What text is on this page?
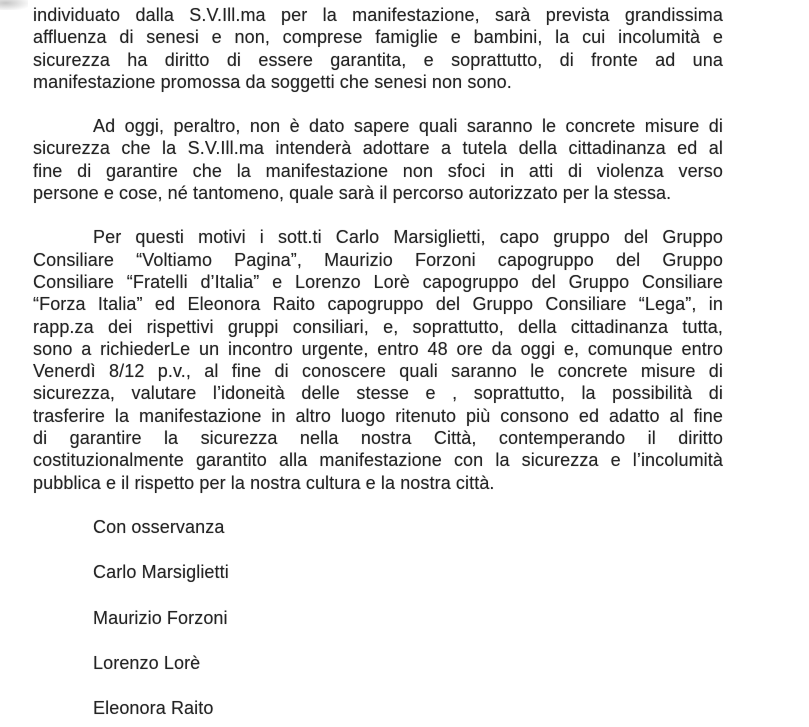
individuato dalla S.V.Ill.ma per la manifestazione, sarà prevista grandissima
affluenza di senesi e non, comprese famiglie e bambini, la cui incolumità e
sicurezza ha diritto di essere garantita, e soprattutto, di fronte ad una
manifestazione promossa da soggetti che senesi non sono.
Ad oggi, peraltro, non è dato sapere quali saranno le concrete misure di
sicurezza che la S.V.Ill.ma intenderà adottare a tutela della cittadinanza ed al
fine di garantire che la manifestazione non sfoci in atti di violenza verso
persone e cose, né tantomeno, quale sarà il percorso autorizzato per la stessa.
Per questi motivi i sott.ti Carlo Marsiglietti, capo gruppo del Gruppo
Consiliare “Voltiamo Pagina”, Maurizio Forzoni capogruppo del Gruppo
Consiliare “Fratelli d’Italia” e Lorenzo Lorè capogruppo del Gruppo Consiliare
“Forza Italia” ed Eleonora Raito capogruppo del Gruppo Consiliare “Lega”, in
rapp.za dei rispettivi gruppi consiliari, e, soprattutto, della cittadinanza tutta,
sono a richiederLe un incontro urgente, entro 48 ore da oggi e, comunque entro
Venerdì 8/12 p.v., al fine di conoscere quali saranno le concrete misure di
sicurezza, valutare l’idoneità delle stesse e , soprattutto, la possibilità di
trasferire la manifestazione in altro luogo ritenuto più consono ed adatto al fine
di garantire la sicurezza nella nostra Città, contemperando il diritto
costituzionalmente garantito alla manifestazione con la sicurezza e l’incolumità
pubblica e il rispetto per la nostra cultura e la nostra città.
Con osservanza
Carlo Marsiglietti
Maurizio Forzoni
Lorenzo Lorè
Eleonora Raito
